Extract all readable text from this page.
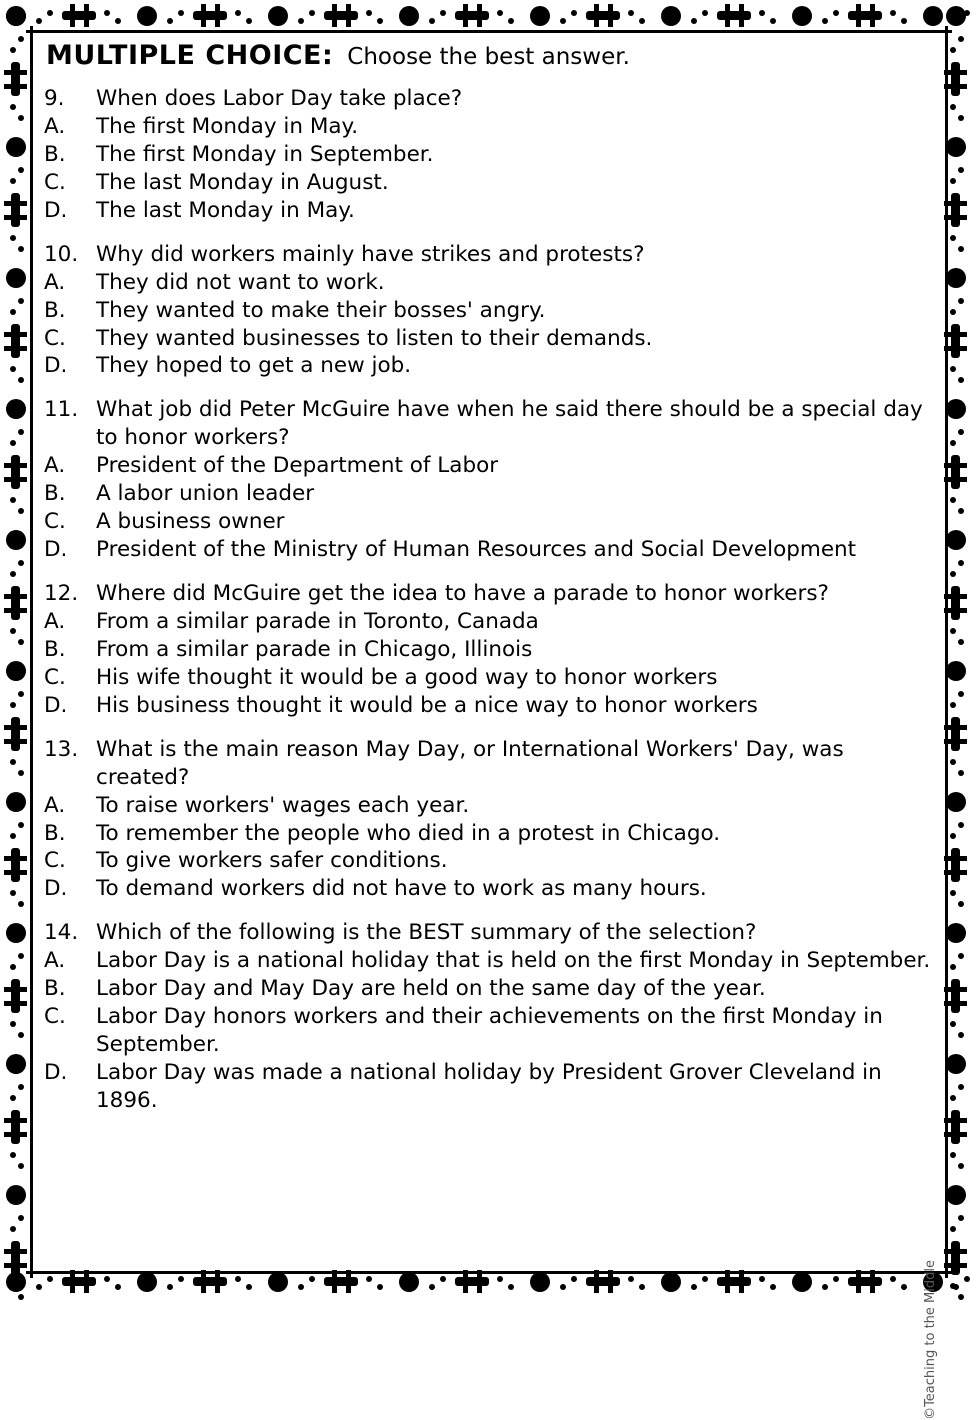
MULTIPLE CHOICE: Choose the best answer.
9.	When does Labor Day take place?
A.	The first Monday in May.
B.	The first Monday in September.
C.	The last Monday in August.
D.	The last Monday in May.
10. Why did workers mainly have strikes and protests?
A.	They did not want to work.
B.	They wanted to make their bosses' angry.
C.	They wanted businesses to listen to their demands.
D.	They hoped to get a new job.
11. What job did Peter McGuire have when he said there should be a special day to honor workers?
A.	President of the Department of Labor
B.	A labor union leader
C.	A business owner
D.	President of the Ministry of Human Resources and Social Development
12. Where did McGuire get the idea to have a parade to honor workers?
A.	From a similar parade in Toronto, Canada
B.	From a similar parade in Chicago, Illinois
C.	His wife thought it would be a good way to honor workers
D.	His business thought it would be a nice way to honor workers
13. What is the main reason May Day, or International Workers' Day, was created?
A.	To raise workers' wages each year.
B.	To remember the people who died in a protest in Chicago.
C.	To give workers safer conditions.
D.	To demand workers did not have to work as many hours.
14. Which of the following is the BEST summary of the selection?
A.	Labor Day is a national holiday that is held on the first Monday in September.
B.	Labor Day and May Day are held on the same day of the year.
C.	Labor Day honors workers and their achievements on the first Monday in September.
D.	Labor Day was made a national holiday by President Grover Cleveland in 1896.
©Teaching to the Middle
